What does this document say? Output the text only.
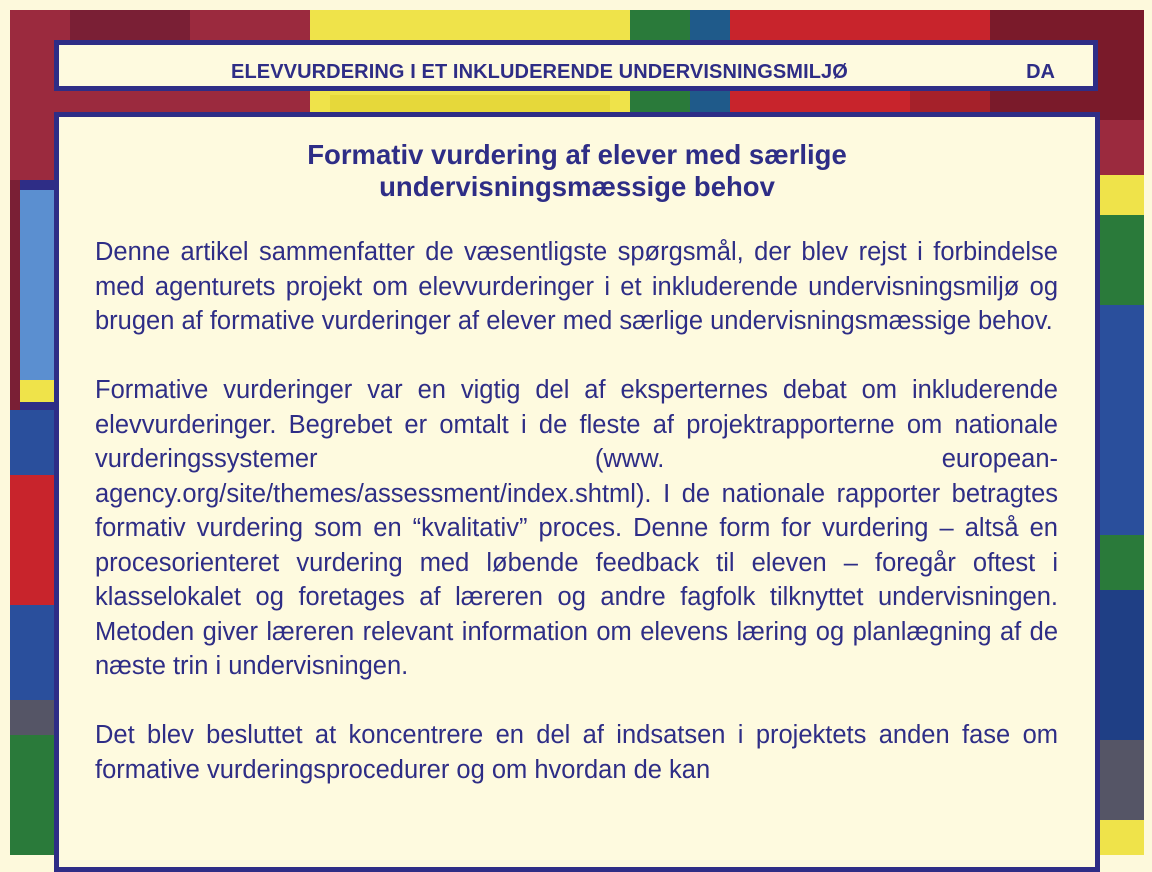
ELEVVURDERING I ET INKLUDERENDE UNDERVISNINGSMILJØ	DA
Formativ vurdering af elever med særlige
undervisningsmæssige behov

Denne artikel sammenfatter de væsentligste spørgsmål, der blev rejst i forbindelse med agenturets projekt om elevvurderinger i et inkluderende undervisningsmiljø og brugen af formative vurderinger af elever med særlige undervisningsmæssige behov.

Formative vurderinger var en vigtig del af eksperternes debat om inkluderende elevvurderinger. Begrebet er omtalt i de fleste af projektrapporterne om nationale vurderingssystemer (www. european-agency.org/site/themes/assessment/index.shtml). I de nationale rapporter betragtes formativ vurdering som en “kvalitativ” proces. Denne form for vurdering – altså en procesorienteret vurdering med løbende feedback til eleven – foregår oftest i klasselokalet og foretages af læreren og andre fagfolk tilknyttet undervisningen. Metoden giver læreren relevant information om elevens læring og planlægning af de næste trin i undervisningen.

Det blev besluttet at koncentrere en del af indsatsen i projektets anden fase om formative vurderingsprocedurer og om hvordan de kan
